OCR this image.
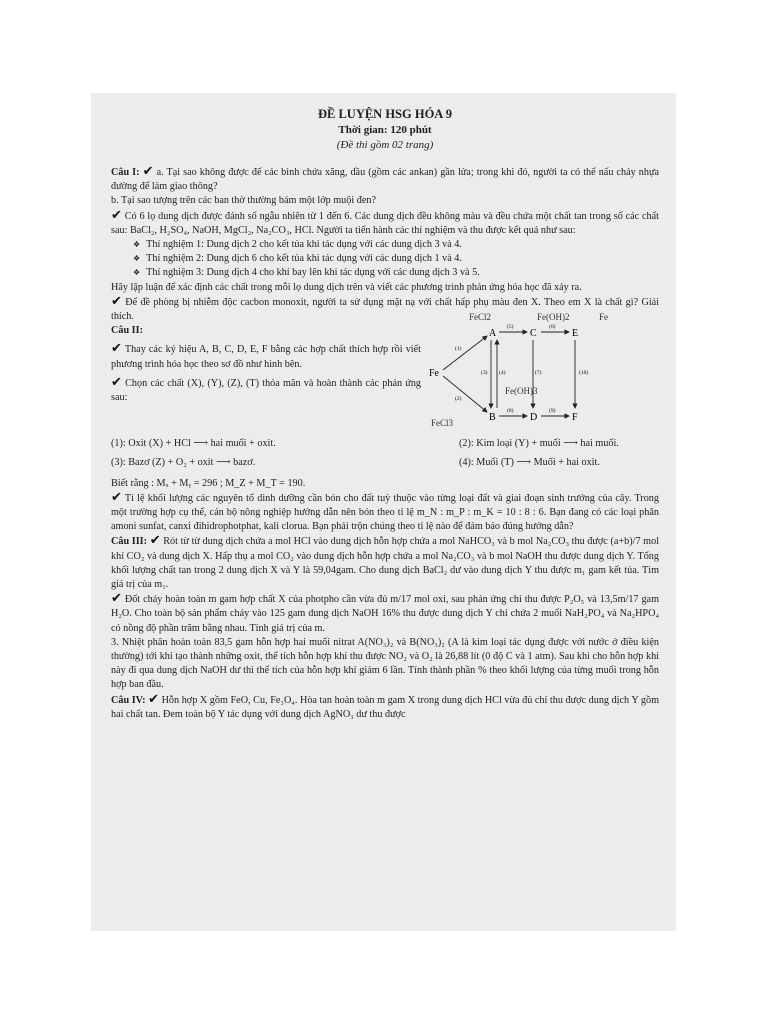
ĐỀ LUYỆN HSG HÓA 9
Thời gian: 120 phút
(Đề thi gồm 02 trang)

Câu I: ✔ a. Tại sao không được để các bình chứa xăng, dầu (gồm các ankan) gần lửa; trong khi đó, người ta có thể nấu chảy nhựa đường để làm giao thông?

b. Tại sao tượng trên các ban thờ thường bám một lớp muội đen?

✔ Có 6 lọ dung dịch được đánh số ngẫu nhiên từ 1 đến 6. Các dung dịch đều không màu và đều chứa một chất tan trong số các chất sau: BaCl₂, H₂SO₄, NaOH, MgCl₂, Na₂CO₃, HCl. Người ta tiến hành các thí nghiệm và thu được kết quả như sau:

❖ Thí nghiệm 1: Dung dịch 2 cho kết tủa khi tác dụng với các dung dịch 3 và 4.

❖ Thí nghiệm 2: Dung dịch 6 cho kết tủa khi tác dụng với các dung dịch 1 và 4.

❖ Thí nghiệm 3: Dung dịch 4 cho khí bay lên khi tác dụng với các dung dịch 3 và 5.

Hãy lập luận để xác định các chất trong mỗi lọ dung dịch trên và viết các phương trình phản ứng hóa học đã xảy ra.

✔ Để đề phòng bị nhiễm độc cacbon monoxit, người ta sử dụng mặt nạ với chất hấp phụ màu đen X. Theo em X là chất gì? Giải thích.

Câu II:

✔ Thay các ký hiệu A, B, C, D, E, F bằng các hợp chất thích hợp rồi viết phương trình hóa học theo sơ đồ như hình bên.

✔ Chọn các chất (X), (Y), (Z), (T) thỏa mãn và hoàn thành các phản ứng sau:

Fe
A
B
C
D
E
F
(1)
(2)
(3) (4)
(5)	(6)
(7)
(8)	(9)
(10)
FeCl2
FeCl3
Fe(OH)2
Fe(OH)3
Fe
(1): Oxit (X) + HCl ⟶ hai muối + oxit.	(2): Kim loại (Y) + muối ⟶ hai muối.
(3): Bazơ (Z) + O₂ + oxit ⟶ bazơ.	(4): Muối (T) ⟶ Muối + hai oxit.

Biết rằng : Mₓ + Mᵧ = 296 ; M_Z + M_T = 190.

✔ Tỉ lệ khối lượng các nguyên tố dinh dưỡng cần bón cho đất tuỳ thuộc vào từng loại đất và giai đoạn sinh trưởng của cây. Trong một trường hợp cụ thể, cán bộ nông nghiệp hướng dẫn nên bón theo tỉ lệ m_N : m_P : m_K = 10 : 8 : 6. Bạn đang có các loại phân amoni sunfat, canxi đihidrophotphat, kali clorua. Bạn phải trộn chúng theo tỉ lệ nào để đảm bảo đúng hướng dẫn?

Câu III: ✔ Rót từ từ dung dịch chứa a mol HCl vào dung dịch hỗn hợp chứa a mol NaHCO₃ và b mol Na₂CO₃ thu được (a+b)/7 mol khí CO₂ và dung dịch X. Hấp thụ a mol CO₂ vào dung dịch hỗn hợp chứa a mol Na₂CO₃ và b mol NaOH thu được dung dịch Y. Tổng khối lượng chất tan trong 2 dung dịch X và Y là 59,04gam. Cho dung dịch BaCl₂ dư vào dung dịch Y thu được m₁ gam kết tủa. Tìm giá trị của m₁.

✔ Đốt cháy hoàn toàn m gam hợp chất X của photpho cần vừa đủ m/17 mol oxi, sau phản ứng chỉ thu được P₂O₅ và 13,5m/17 gam H₂O. Cho toàn bộ sản phẩm cháy vào 125 gam dung dịch NaOH 16% thu được dung dịch Y chỉ chứa 2 muối NaH₂PO₄ và Na₂HPO₄ có nồng độ phần trăm bằng nhau. Tính giá trị của m.

3. Nhiệt phân hoàn toàn 83,5 gam hỗn hợp hai muối nitrat A(NO₃)₂ và B(NO₃)₂ (A là kim loại tác dụng được với nước ở điều kiện thường) tới khi tạo thành những oxit, thể tích hỗn hợp khí thu được NO₂ và O₂ là 26,88 lít (0 độ C và 1 atm). Sau khi cho hỗn hợp khí này đi qua dung dịch NaOH dư thì thể tích của hỗn hợp khí giảm 6 lần. Tính thành phần % theo khối lượng của từng muối trong hỗn hợp ban đầu.

Câu IV: ✔ Hỗn hợp X gồm FeO, Cu, Fe₃O₄. Hòa tan hoàn toàn m gam X trong dung dịch HCl vừa đủ chỉ thu được dung dịch Y gồm hai chất tan. Đem toàn bộ Y tác dụng với dung dịch AgNO₃ dư thu được
